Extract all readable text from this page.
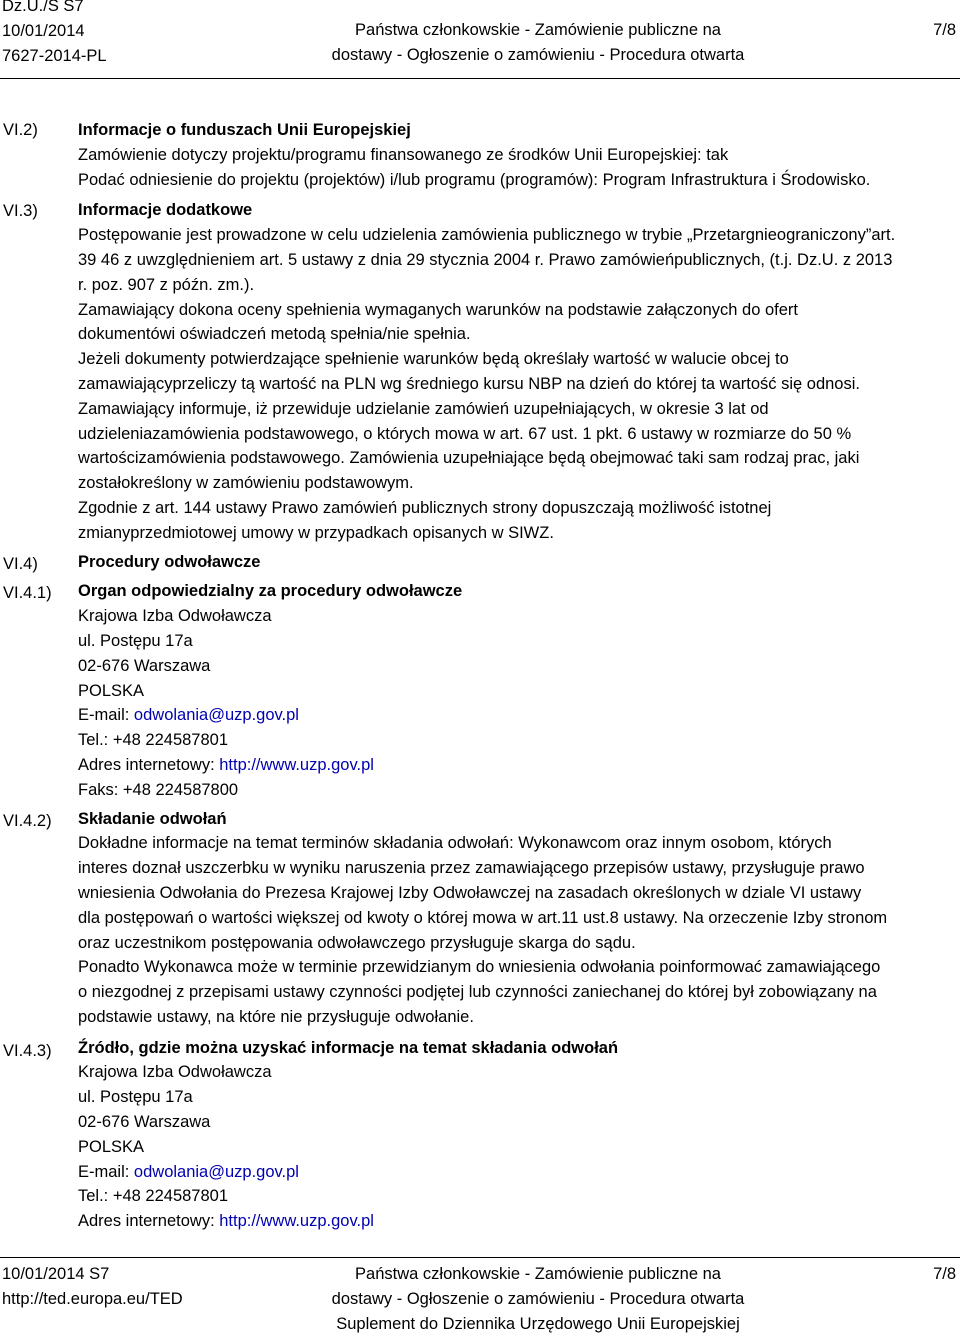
Dz.U./S S7
10/01/2014
7627-2014-PL
Państwa członkowskie - Zamówienie publiczne na
dostawy - Ogłoszenie o zamówieniu - Procedura otwarta
7/8
VI.2)
VI.3)
VI.4)
VI.4.1)
VI.4.2)
VI.4.3)
Informacje o funduszach Unii Europejskiej
Zamówienie dotyczy projektu/programu finansowanego ze środków Unii Europejskiej: tak
Podać odniesienie do projektu (projektów) i/lub programu (programów): Program Infrastruktura i Środowisko.
Informacje dodatkowe
Postępowanie jest prowadzone w celu udzielenia zamówienia publicznego w trybie „Przetargnieograniczony”art.
39 46 z uwzględnieniem art. 5 ustawy z dnia 29 stycznia 2004 r. Prawo zamówieńpublicznych, (t.j. Dz.U. z 2013
r. poz. 907 z późn. zm.).
Zamawiający dokona oceny spełnienia wymaganych warunków na podstawie załączonych do ofert
dokumentówi oświadczeń metodą spełnia/nie spełnia.
Jeżeli dokumenty potwierdzające spełnienie warunków będą określały wartość w walucie obcej to
zamawiającyprzeliczy tą wartość na PLN wg średniego kursu NBP na dzień do której ta wartość się odnosi.
Zamawiający informuje, iż przewiduje udzielanie zamówień uzupełniających, w okresie 3 lat od
udzieleniazamówienia podstawowego, o których mowa w art. 67 ust. 1 pkt. 6 ustawy w rozmiarze do 50 %
wartościzamówienia podstawowego. Zamówienia uzupełniające będą obejmować taki sam rodzaj prac, jaki
zostałokreślony w zamówieniu podstawowym.
Zgodnie z art. 144 ustawy Prawo zamówień publicznych strony dopuszczają możliwość istotnej
zmianyprzedmiotowej umowy w przypadkach opisanych w SIWZ.
Procedury odwoławcze
Organ odpowiedzialny za procedury odwoławcze
Krajowa Izba Odwoławcza
ul. Postępu 17a
02-676 Warszawa
POLSKA
E-mail: odwolania@uzp.gov.pl
Tel.: +48 224587801
Adres internetowy: http://www.uzp.gov.pl
Faks: +48 224587800
Składanie odwołań
Dokładne informacje na temat terminów składania odwołań: Wykonawcom oraz innym osobom, których
interes doznał uszczerbku w wyniku naruszenia przez zamawiającego przepisów ustawy, przysługuje prawo
wniesienia Odwołania do Prezesa Krajowej Izby Odwoławczej na zasadach określonych w dziale VI ustawy
dla postępowań o wartości większej od kwoty o której mowa w art.11 ust.8 ustawy. Na orzeczenie Izby stronom
oraz uczestnikom postępowania odwoławczego przysługuje skarga do sądu.
Ponadto Wykonawca może w terminie przewidzianym do wniesienia odwołania poinformować zamawiającego
o niezgodnej z przepisami ustawy czynności podjętej lub czynności zaniechanej do której był zobowiązany na
podstawie ustawy, na które nie przysługuje odwołanie.
Źródło, gdzie można uzyskać informacje na temat składania odwołań
Krajowa Izba Odwoławcza
ul. Postępu 17a
02-676 Warszawa
POLSKA
E-mail: odwolania@uzp.gov.pl
Tel.: +48 224587801
Adres internetowy: http://www.uzp.gov.pl
10/01/2014 S7
http://ted.europa.eu/TED
Państwa członkowskie - Zamówienie publiczne na
dostawy - Ogłoszenie o zamówieniu - Procedura otwarta
Suplement do Dziennika Urzędowego Unii Europejskiej
7/8
